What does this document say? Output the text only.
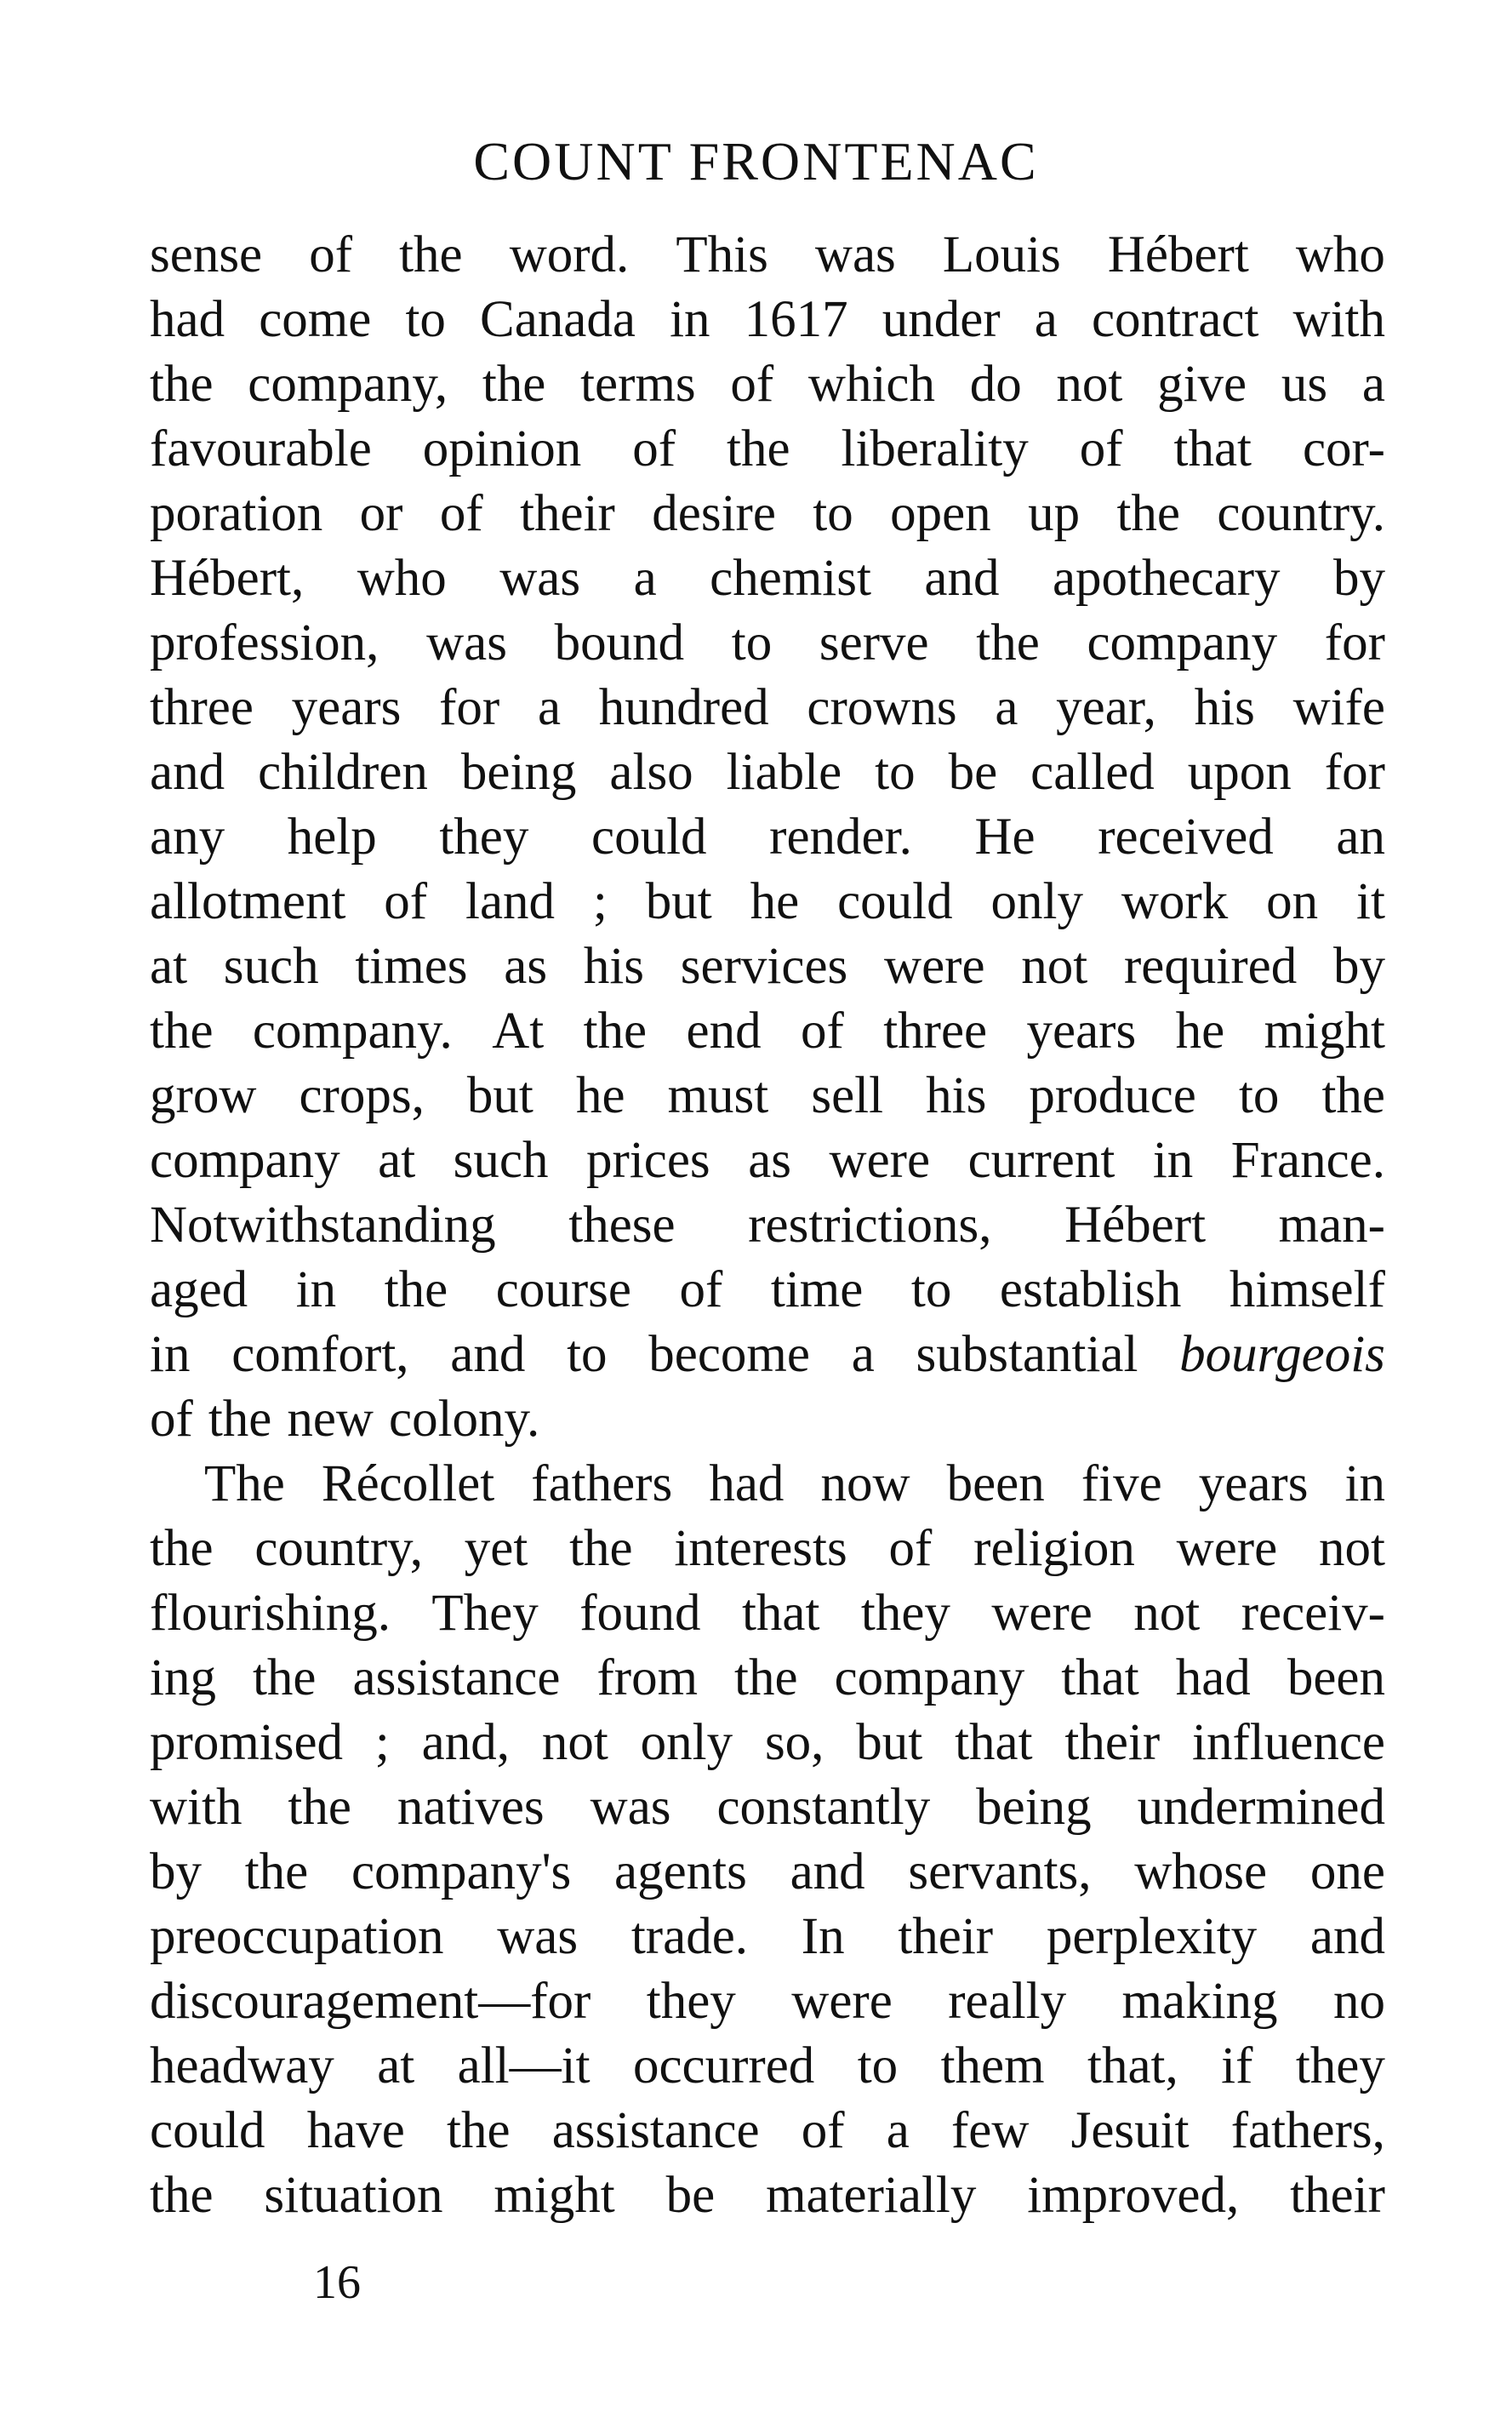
COUNT FRONTENAC
sense of the word. This was Louis Hébert who
had come to Canada in 1617 under a contract with
the company, the terms of which do not give us a
favourable opinion of the liberality of that cor-
poration or of their desire to open up the country.
Hébert, who was a chemist and apothecary by
profession, was bound to serve the company for
three years for a hundred crowns a year, his wife
and children being also liable to be called upon for
any help they could render. He received an
allotment of land ; but he could only work on it
at such times as his services were not required by
the company. At the end of three years he might
grow crops, but he must sell his produce to the
company at such prices as were current in France.
Notwithstanding these restrictions, Hébert man-
aged in the course of time to establish himself
in comfort, and to become a substantial bourgeois
of the new colony.
The Récollet fathers had now been five years in
the country, yet the interests of religion were not
flourishing. They found that they were not receiv-
ing the assistance from the company that had been
promised ; and, not only so, but that their influence
with the natives was constantly being undermined
by the company's agents and servants, whose one
preoccupation was trade. In their perplexity and
discouragement—for they were really making no
headway at all—it occurred to them that, if they
could have the assistance of a few Jesuit fathers,
the situation might be materially improved, their
16
